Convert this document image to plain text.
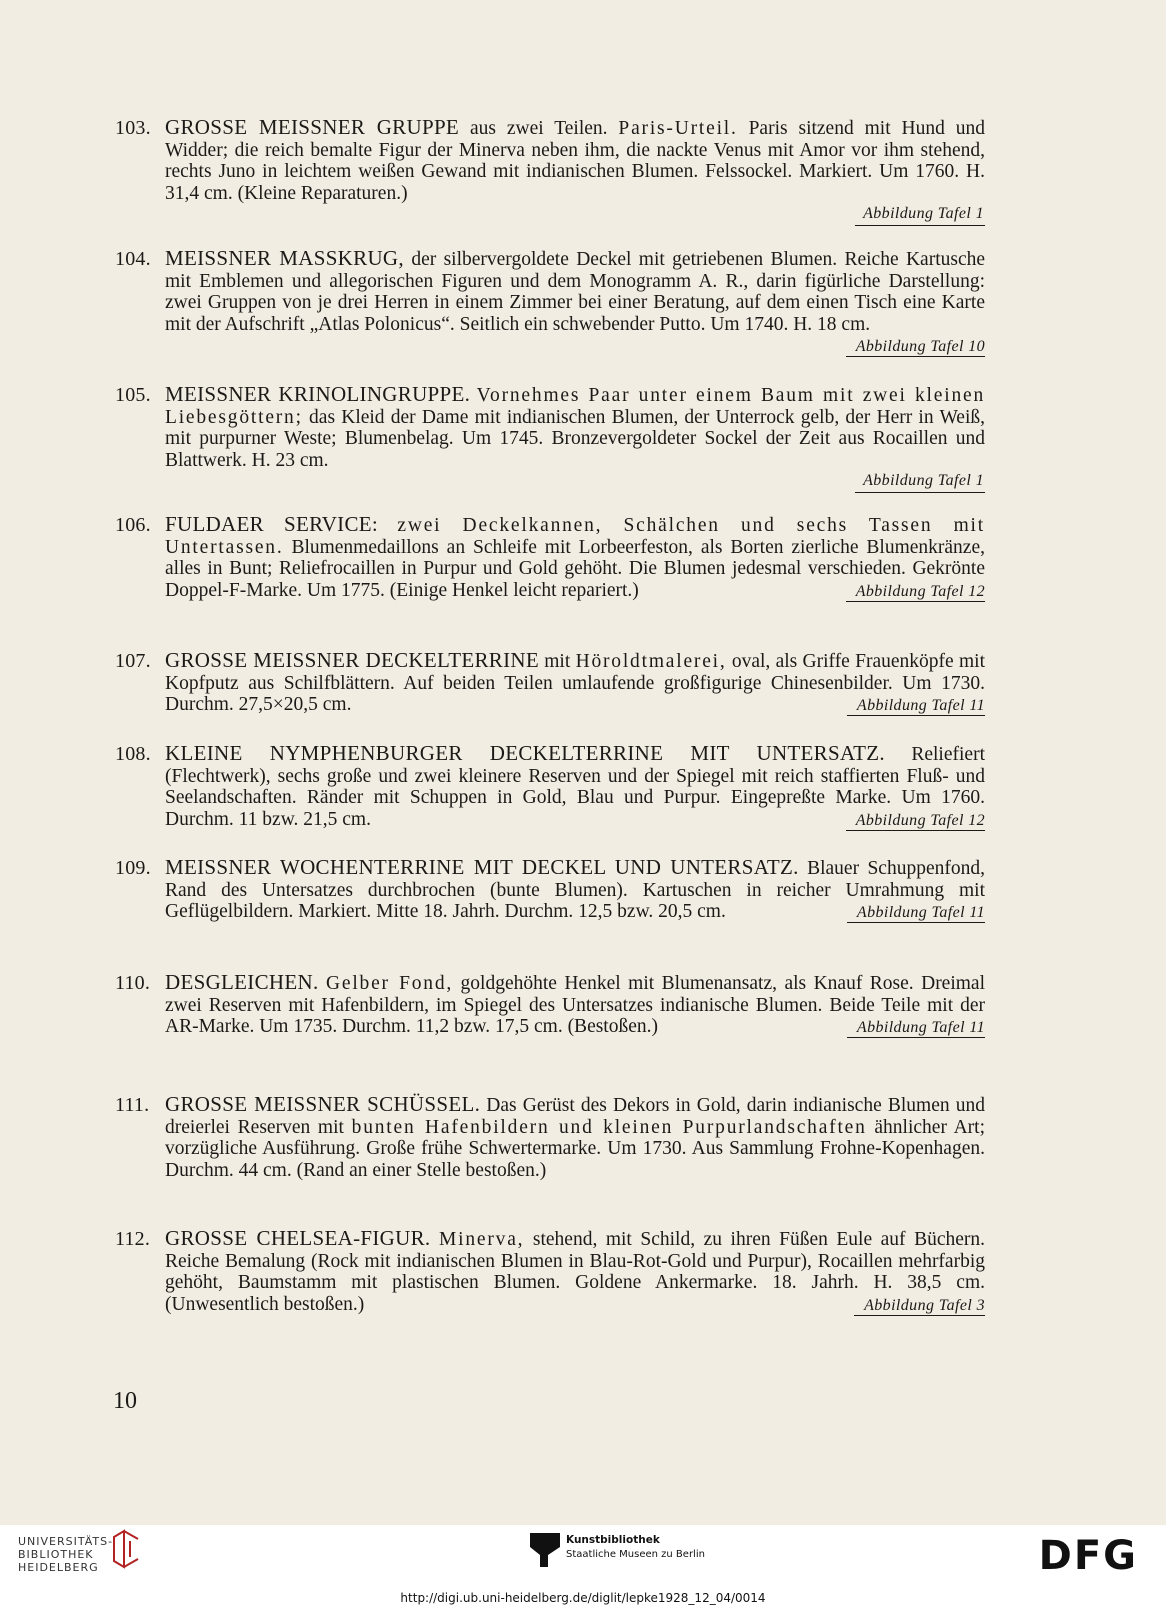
103. GROSSE MEISSNER GRUPPE aus zwei Teilen. Paris-Urteil. Paris sitzend mit Hund und Widder; die reich bemalte Figur der Minerva neben ihm, die nackte Venus mit Amor vor ihm stehend, rechts Juno in leichtem weißen Gewand mit indianischen Blumen. Felssockel. Markiert. Um 1760. H. 31,4 cm. (Kleine Reparaturen.)
Abbildung Tafel 1
104. MEISSNER MASSKRUG, der silbervergoldete Deckel mit getriebenen Blumen. Reiche Kartusche mit Emblemen und allegorischen Figuren und dem Monogramm A. R., darin figürliche Darstellung: zwei Gruppen von je drei Herren in einem Zimmer bei einer Beratung, auf dem einen Tisch eine Karte mit der Aufschrift „Atlas Polonicus“. Seitlich ein schwebender Putto. Um 1740. H. 18 cm.
Abbildung Tafel 10
105. MEISSNER KRINOLINGRUPPE. Vornehmes Paar unter einem Baum mit zwei kleinen Liebesgöttern; das Kleid der Dame mit indianischen Blumen, der Unterrock gelb, der Herr in Weiß, mit purpurner Weste; Blumenbelag. Um 1745. Bronzevergoldeter Sockel der Zeit aus Rocaillen und Blattwerk. H. 23 cm.
Abbildung Tafel 1
106. FULDAER SERVICE: zwei Deckelkannen, Schälchen und sechs Tassen mit Untertassen. Blumenmedaillons an Schleife mit Lorbeerfeston, als Borten zierliche Blumenkränze, alles in Bunt; Reliefrocaillen in Purpur und Gold gehöht. Die Blumen jedesmal verschieden. Gekrönte Doppel-F-Marke. Um 1775. (Einige Henkel leicht repariert.)	Abbildung Tafel 12
107. GROSSE MEISSNER DECKELTERRINE mit Höroldtmalerei, oval, als Griffe Frauenköpfe mit Kopfputz aus Schilfblättern. Auf beiden Teilen umlaufende großfigurige Chinesenbilder. Um 1730. Durchm. 27,5×20,5 cm.	Abbildung Tafel 11
108. KLEINE NYMPHENBURGER DECKELTERRINE MIT UNTERSATZ. Reliefiert (Flechtwerk), sechs große und zwei kleinere Reserven und der Spiegel mit reich staffierten Fluß- und Seelandschaften. Ränder mit Schuppen in Gold, Blau und Purpur. Eingepreßte Marke. Um 1760. Durchm. 11 bzw. 21,5 cm.	Abbildung Tafel 12
109. MEISSNER WOCHENTERRINE MIT DECKEL UND UNTERSATZ. Blauer Schuppenfond, Rand des Untersatzes durchbrochen (bunte Blumen). Kartuschen in reicher Umrahmung mit Geflügelbildern. Markiert. Mitte 18. Jahrh. Durchm. 12,5 bzw. 20,5 cm.	Abbildung Tafel 11
110. DESGLEICHEN. Gelber Fond, goldgehöhte Henkel mit Blumenansatz, als Knauf Rose. Dreimal zwei Reserven mit Hafenbildern, im Spiegel des Untersatzes indianische Blumen. Beide Teile mit der AR-Marke. Um 1735. Durchm. 11,2 bzw. 17,5 cm. (Bestoßen.)	Abbildung Tafel 11
111. GROSSE MEISSNER SCHÜSSEL. Das Gerüst des Dekors in Gold, darin indianische Blumen und dreierlei Reserven mit bunten Hafenbildern und kleinen Purpurlandschaften ähnlicher Art; vorzügliche Ausführung. Große frühe Schwertermarke. Um 1730. Aus Sammlung Frohne-Kopenhagen. Durchm. 44 cm. (Rand an einer Stelle bestoßen.)
112. GROSSE CHELSEA-FIGUR. Minerva, stehend, mit Schild, zu ihren Füßen Eule auf Büchern. Reiche Bemalung (Rock mit indianischen Blumen in Blau-Rot-Gold und Purpur), Rocaillen mehrfarbig gehöht, Baumstamm mit plastischen Blumen. Goldene Ankermarke. 18. Jahrh. H. 38,5 cm. (Unwesentlich bestoßen.)	Abbildung Tafel 3
10
UNIVERSITÄTS-
BIBLIOTHEK
HEIDELBERG
Kunstbibliothek
Staatliche Museen zu Berlin	DFG
http://digi.ub.uni-heidelberg.de/diglit/lepke1928_12_04/0014
